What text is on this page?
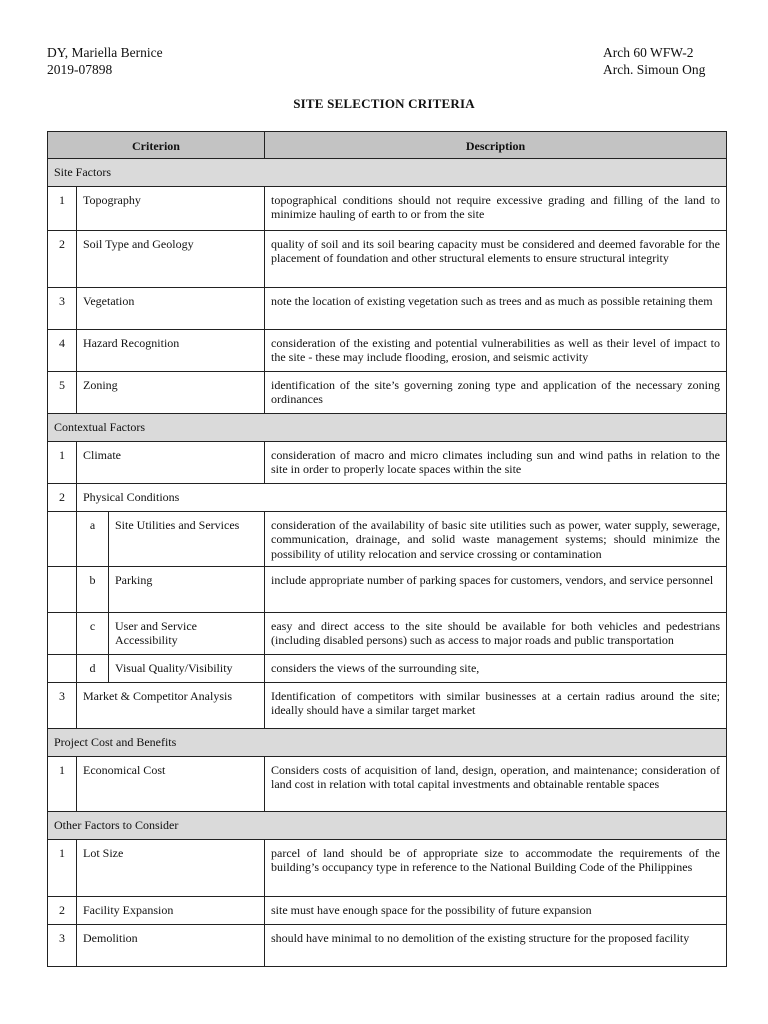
DY, Mariella Bernice
2019-07898
Arch 60 WFW-2
Arch. Simoun Ong
SITE SELECTION CRITERIA
Criterion			Description
Site Factors			
1	Topography		topographical conditions should not require excessive grading and filling of the land to minimize hauling of earth to or from the site
2	Soil Type and Geology		quality of soil and its soil bearing capacity must be considered and deemed favorable for the placement of foundation and other structural elements to ensure structural integrity
3	Vegetation		note the location of existing vegetation such as trees and as much as possible retaining them
4	Hazard Recognition		consideration of the existing and potential vulnerabilities as well as their level of impact to the site - these may include flooding, erosion, and seismic activity
5	Zoning		identification of the site’s governing zoning type and application of the necessary zoning ordinances
Contextual Factors			
1	Climate		consideration of macro and micro climates including sun and wind paths in relation to the site in order to properly locate spaces within the site
2	Physical Conditions		
	a	Site Utilities and Services	consideration of the availability of basic site utilities such as power, water supply, sewerage, communication, drainage, and solid waste management systems; should minimize the possibility of utility relocation and service crossing or contamination
	b	Parking	include appropriate number of parking spaces for customers, vendors, and service personnel
	c	User and Service Accessibility	easy and direct access to the site should be available for both vehicles and pedestrians (including disabled persons) such as access to major roads and public transportation
	d	Visual Quality/Visibility	considers the views of the surrounding site,
3	Market & Competitor Analysis		Identification of competitors with similar businesses at a certain radius around the site; ideally should have a similar target market
Project Cost and Benefits			
1	Economical Cost		Considers costs of acquisition of land, design, operation, and maintenance; consideration of land cost in relation with total capital investments and obtainable rentable spaces
Other Factors to Consider			
1	Lot Size		parcel of land should be of appropriate size to accommodate the requirements of the building’s occupancy type in reference to the National Building Code of the Philippines
2	Facility Expansion		site must have enough space for the possibility of future expansion
3	Demolition		should have minimal to no demolition of the existing structure for the proposed facility
